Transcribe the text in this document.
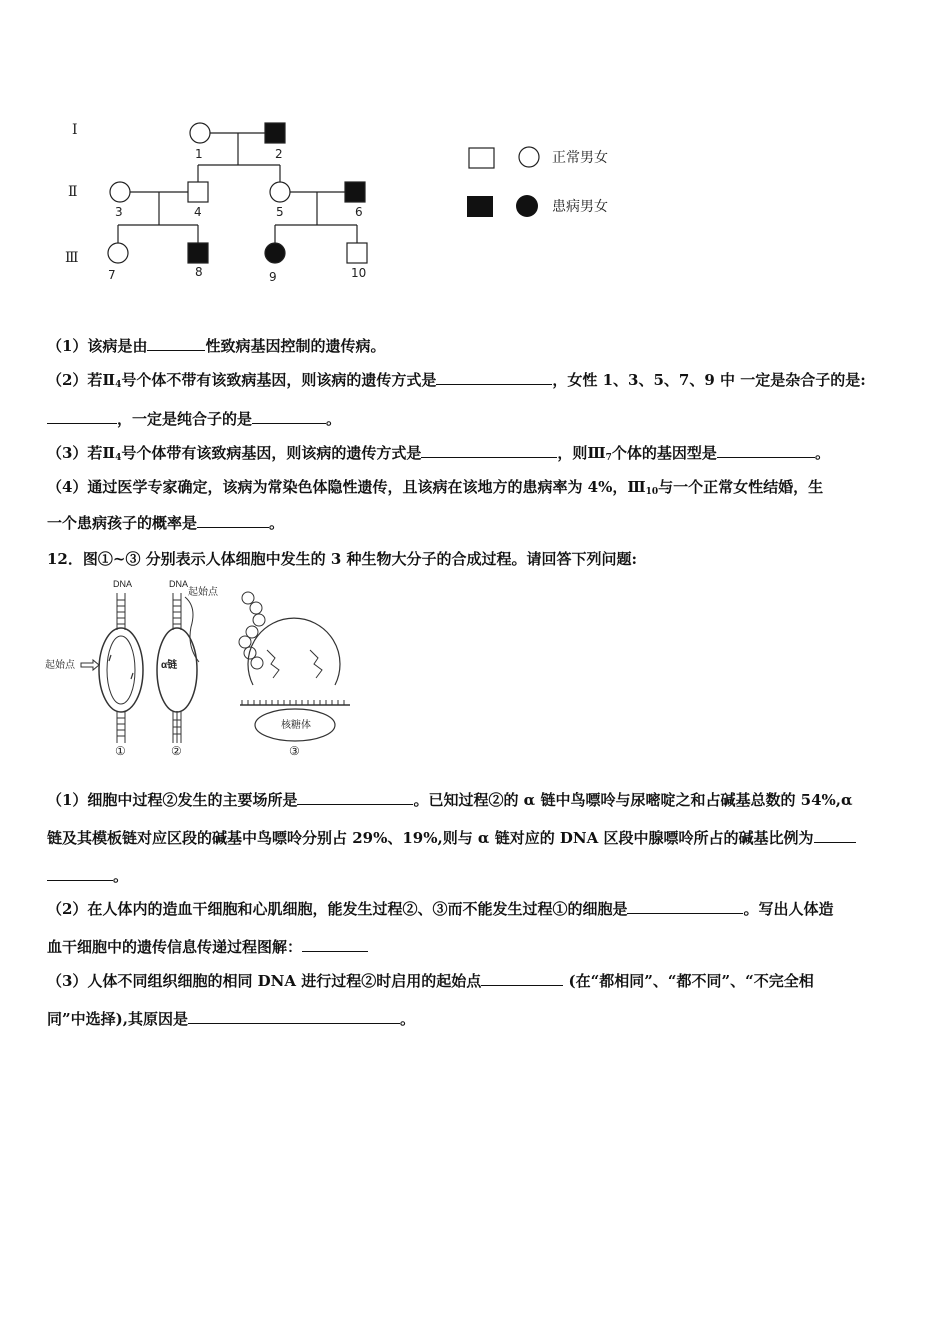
Ⅰ
Ⅱ
Ⅲ
1	2
3	4	5	6
7	8	9	10
正常男女
患病男女
（1）该病是由	性致病基因控制的遗传病。
（2）若$Ⅱ_4$号个体不带有该致病基因，则该病的遗传方式是	，女性 1、3、5、7、9 中 一定是杂合子的是:
，一定是纯合子的是	。
（3）若$Ⅱ_4$号个体带有该致病基因，则该病的遗传方式是	，则$Ⅲ_7$个体的基因型是	。
（4）通过医学专家确定，该病为常染色体隐性遗传，且该病在该地方的患病率为 4%，$Ⅲ_{10}$与一个正常女性结婚，生
一个患病孩子的概率是	。
12．图①~③ 分别表示人体细胞中发生的 3 种生物大分子的合成过程。请回答下列问题:
DNA
起始点
①
DNA
起始点
α链
②
核糖体
③
（1）细胞中过程②发生的主要场所是	。已知过程②的 α 链中鸟嘌呤与尿嘧啶之和占碱基总数的 54%,α
链及其模板链对应区段的碱基中鸟嘌呤分别占 29%、19%,则与 α 链对应的 DNA 区段中腺嘌呤所占的碱基比例为
。
（2）在人体内的造血干细胞和心肌细胞，能发生过程②、③而不能发生过程①的细胞是	。写出人体造
血干细胞中的遗传信息传递过程图解：
（3）人体不同组织细胞的相同 DNA 进行过程②时启用的起始点	(在“都相同”、“都不同”、“不完全相
同”中选择),其原因是	。
